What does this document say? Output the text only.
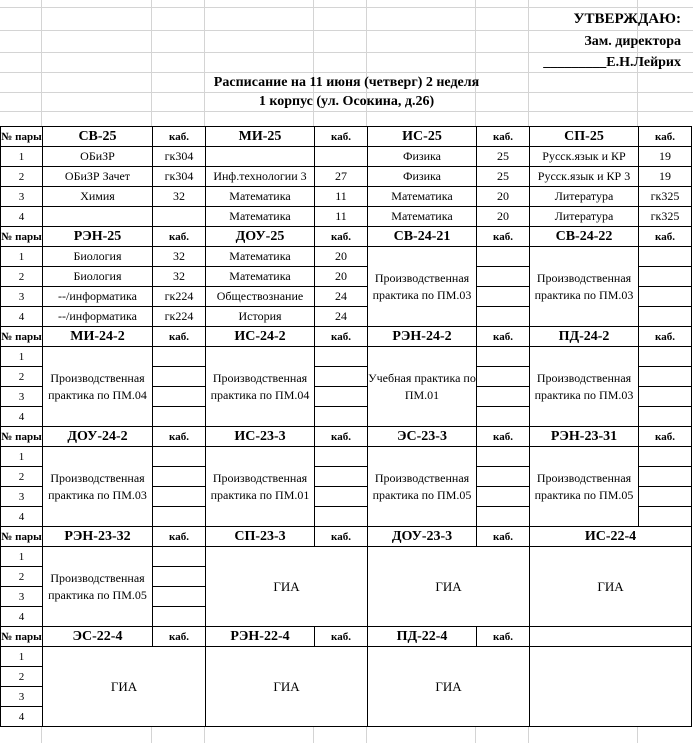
УТВЕРЖДАЮ:
Зам. директора
_________Е.Н.Лейрих
Расписание на 11 июня (четверг) 2 неделя
1 корпус (ул. Осокина, д.26)
№ пары	СВ-25	каб.	МИ-25	каб.	ИС-25	каб.	СП-25	каб.
1	ОБиЗР	гк304			Физика	25	Русск.язык и КР	19
2	ОБиЗР Зачет	гк304	Инф.технологии 3	27	Физика	25	Русск.язык и КР 3	19
3	Химия	32	Математика	11	Математика	20	Литература	гк325
4			Математика	11	Математика	20	Литература	гк325
№ пары	РЭН-25	каб.	ДОУ-25	каб.	СВ-24-21	каб.	СВ-24-22	каб.
1	Биология	32	Математика	20	Производственная практика по ПМ.03		Производственная практика по ПМ.03	
2	Биология	32	Математика	20				
3	--/информатика	гк224	Обществознание	24				
4	--/информатика	гк224	История	24				
№ пары	МИ-24-2	каб.	ИС-24-2	каб.	РЭН-24-2	каб.	ПД-24-2	каб.
1	Производственная практика по ПМ.04		Производственная практика по ПМ.04		Учебная практика по ПМ.01		Производственная практика по ПМ.03	
2								
3								
4								
№ пары	ДОУ-24-2	каб.	ИС-23-3	каб.	ЭС-23-3	каб.	РЭН-23-31	каб.
1	Производственная практика по ПМ.03		Производственная практика по ПМ.01		Производственная практика по ПМ.05		Производственная практика по ПМ.05	
2								
3								
4								
№ пары	РЭН-23-32	каб.	СП-23-3	каб.	ДОУ-23-3	каб.	ИС-22-4	
1	Производственная практика по ПМ.05		ГИА		ГИА		ГИА	
2								
3								
4								
№ пары	ЭС-22-4	каб.	РЭН-22-4	каб.	ПД-22-4	каб.		
1	ГИА		ГИА		ГИА			
2								
3								
4								
